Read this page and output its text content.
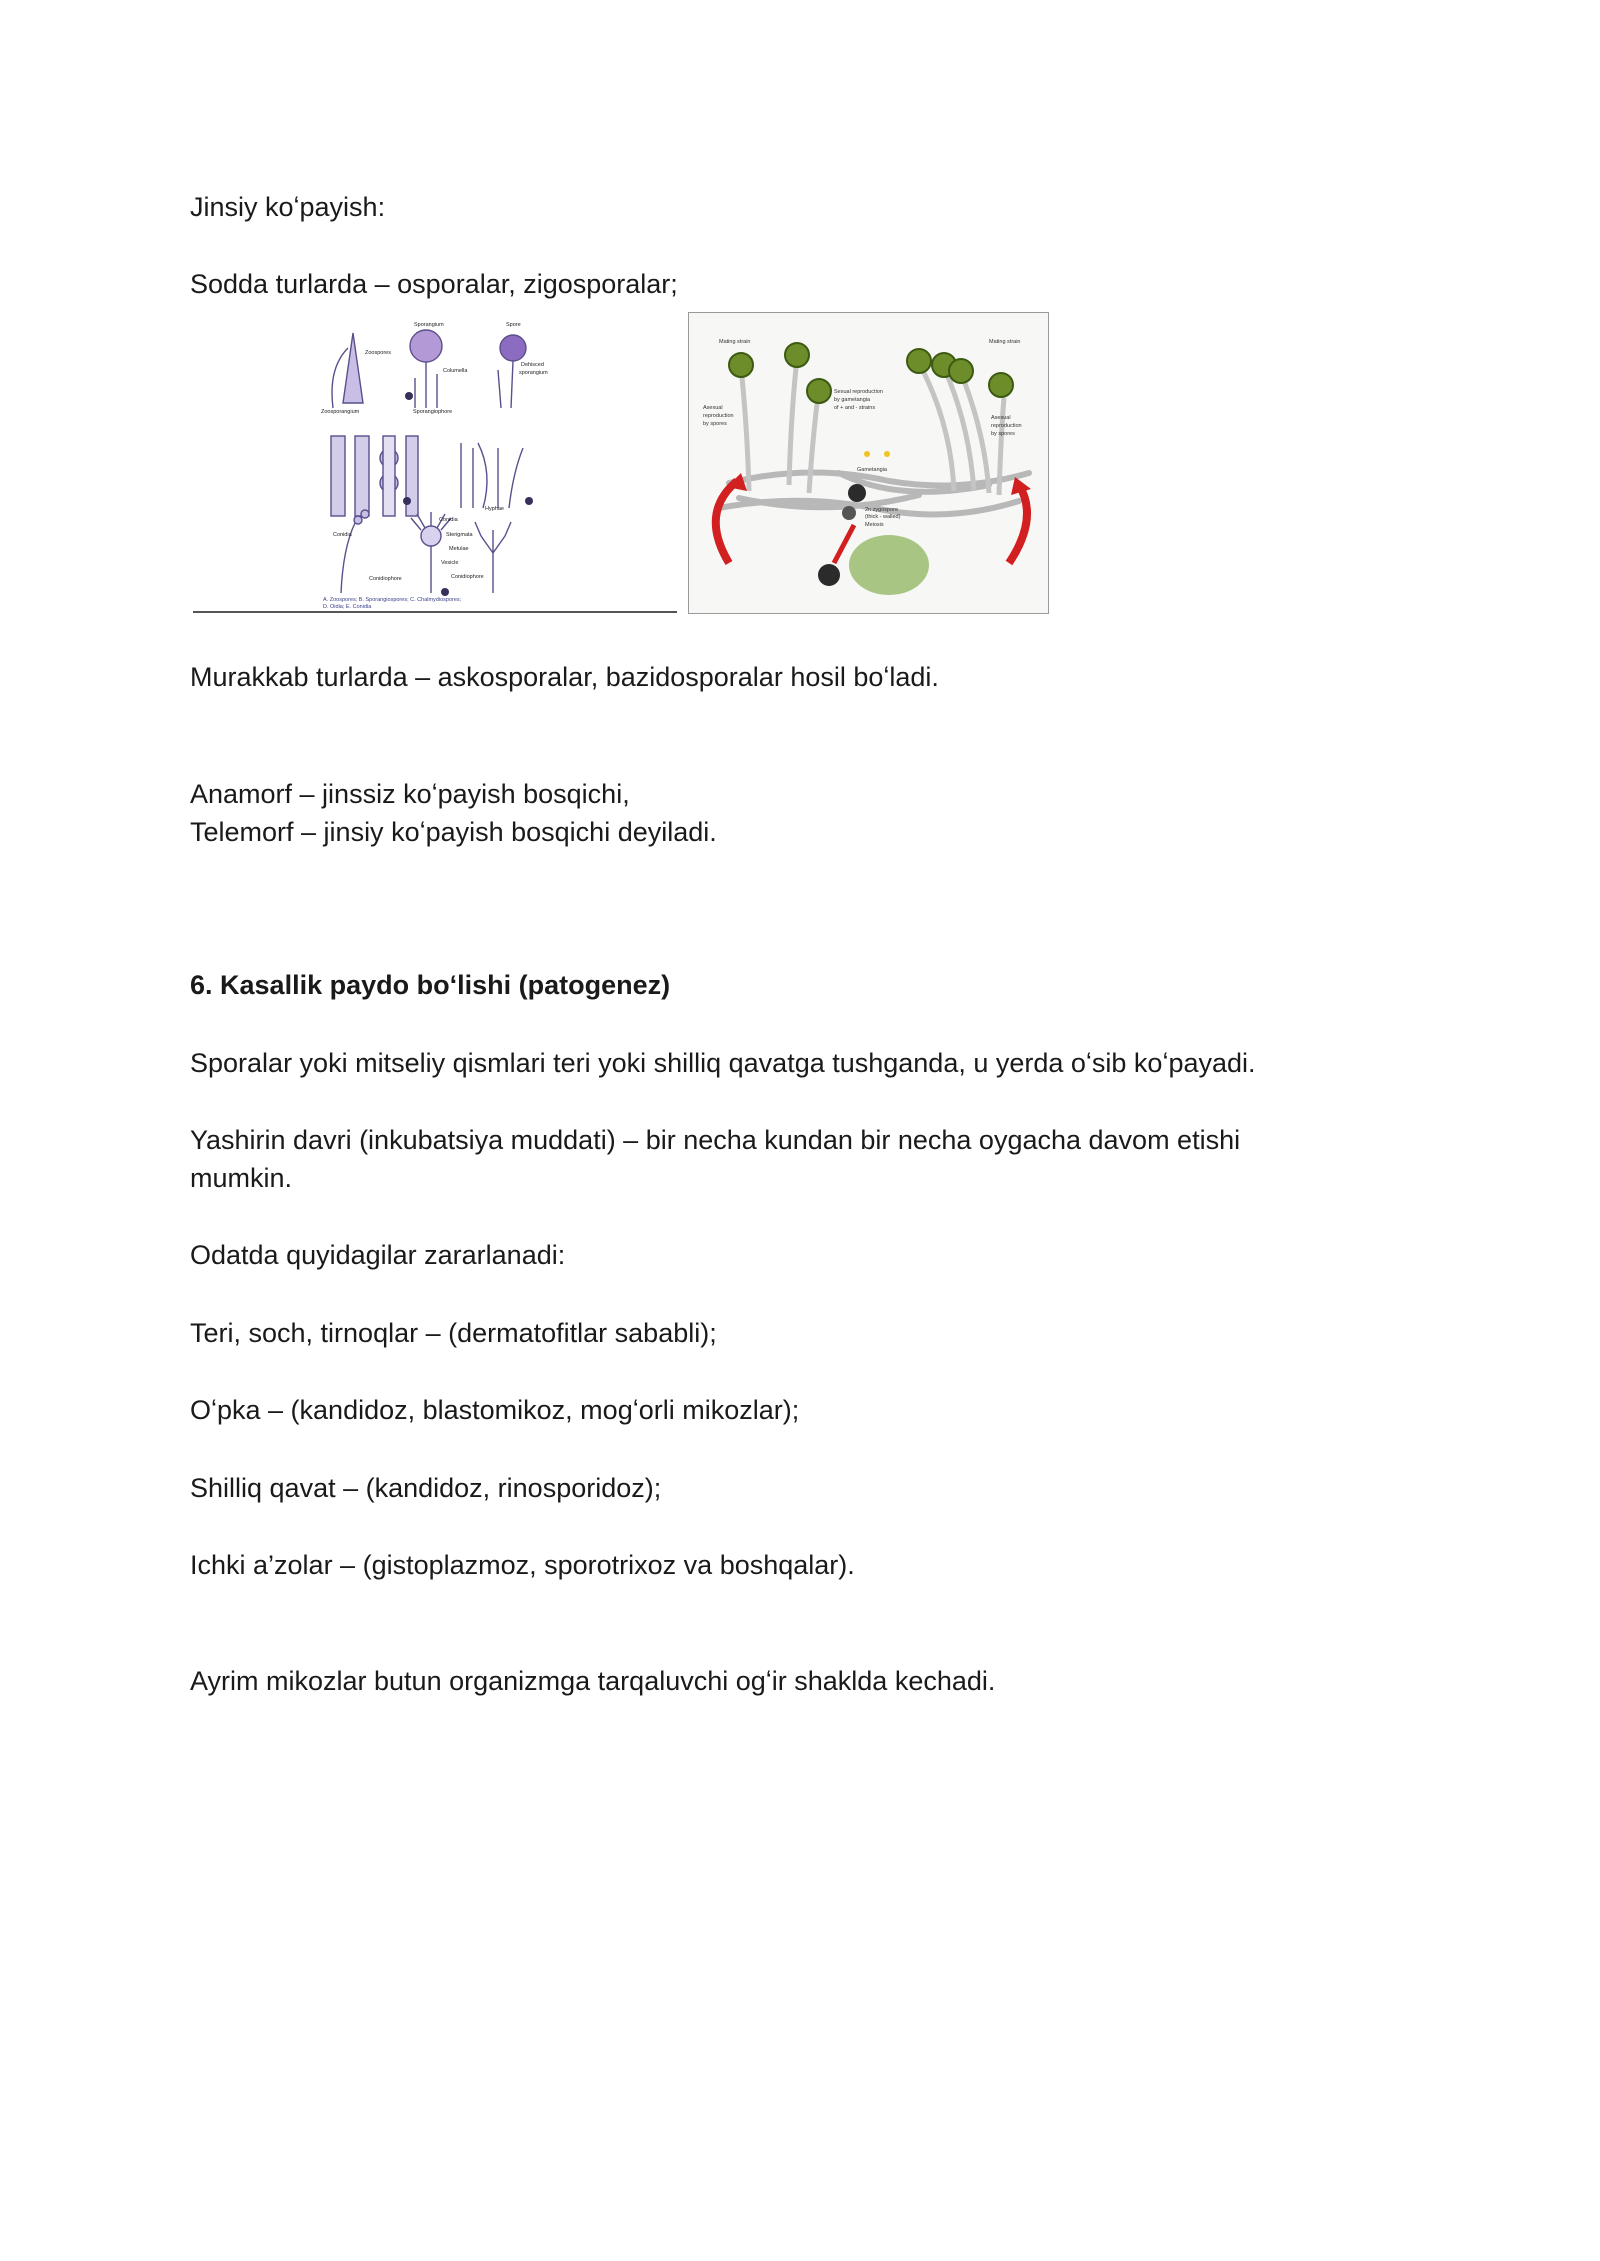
Jinsiy koʻpayish:
Sodda turlarda – osporalar, zigosporalar;
Sporangium	Spore
Zoospores
Columella
Dehisced
sporangium
Zoosporangium	Sporangiophore
Hyphae
Conidia
Conidia	Sterigmata
Metulae
Vesicle
Conidiophore	Conidiophore
A. Zoospores; B. Sporangiospores; C. Chalmydiospores;
D. Oidia; E. Conidia
Mating strain	Mating strain
Asexual
reproduction
by spores
Sexual reproduction
by gametangia
of + and - strains
Asexual
reproduction
by spores
Gametangia
2n zygospore
(thick - walled)
Meiosis
Murakkab turlarda – askosporalar, bazidosporalar hosil boʻladi.
Anamorf – jinssiz koʻpayish bosqichi,
Telemorf – jinsiy koʻpayish bosqichi deyiladi.
6. Kasallik paydo boʻlishi (patogenez)
Sporalar yoki mitseliy qismlari teri yoki shilliq qavatga tushganda, u yerda oʻsib koʻpayadi.
Yashirin davri (inkubatsiya muddati) – bir necha kundan bir necha oygacha davom etishi
mumkin.
Odatda quyidagilar zararlanadi:
Teri, soch, tirnoqlar – (dermatofitlar sababli);
Oʻpka – (kandidoz, blastomikoz, mogʻorli mikozlar);
Shilliq qavat – (kandidoz, rinosporidoz);
Ichki a’zolar – (gistoplazmoz, sporotrixoz va boshqalar).
Ayrim mikozlar butun organizmga tarqaluvchi ogʻir shaklda kechadi.
